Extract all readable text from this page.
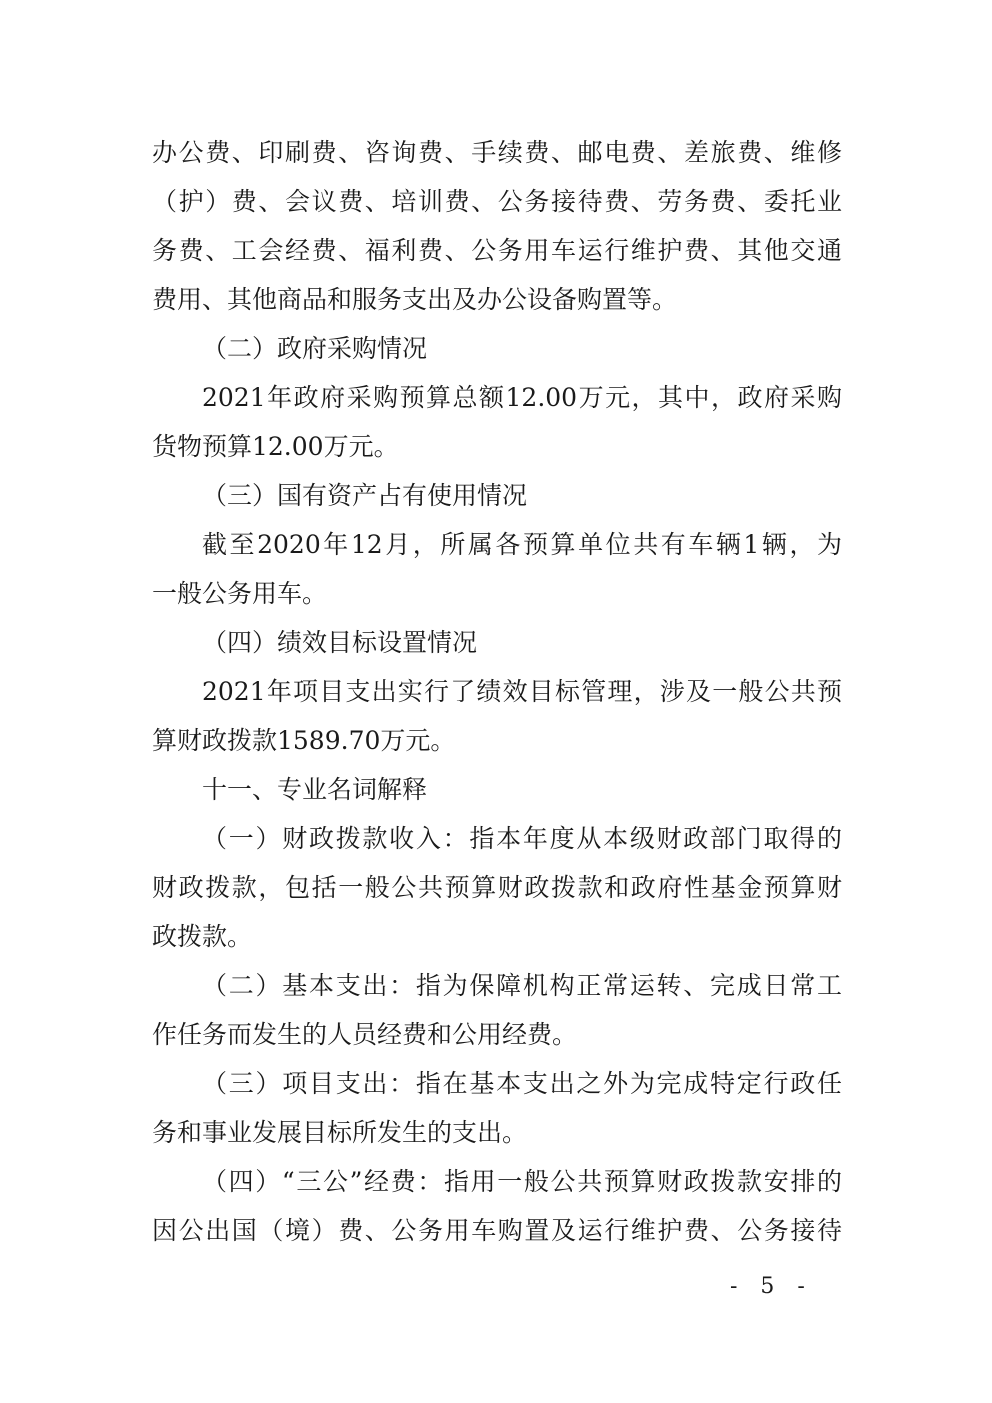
办公费、印刷费、咨询费、手续费、邮电费、差旅费、维修
（护）费、会议费、培训费、公务接待费、劳务费、委托业
务费、工会经费、福利费、公务用车运行维护费、其他交通
费用、其他商品和服务支出及办公设备购置等。
（二）政府采购情况
2021年政府采购预算总额12.00万元，其中，政府采购
货物预算12.00万元。
（三）国有资产占有使用情况
截至2020年12月，所属各预算单位共有车辆1辆，为
一般公务用车。
（四）绩效目标设置情况
2021年项目支出实行了绩效目标管理，涉及一般公共预
算财政拨款1589.70万元。
十一、专业名词解释
（一）财政拨款收入：指本年度从本级财政部门取得的
财政拨款，包括一般公共预算财政拨款和政府性基金预算财
政拨款。
（二）基本支出：指为保障机构正常运转、完成日常工
作任务而发生的人员经费和公用经费。
（三）项目支出：指在基本支出之外为完成特定行政任
务和事业发展目标所发生的支出。
（四）“三公”经费：指用一般公共预算财政拨款安排的
因公出国（境）费、公务用车购置及运行维护费、公务接待
- 5 -
